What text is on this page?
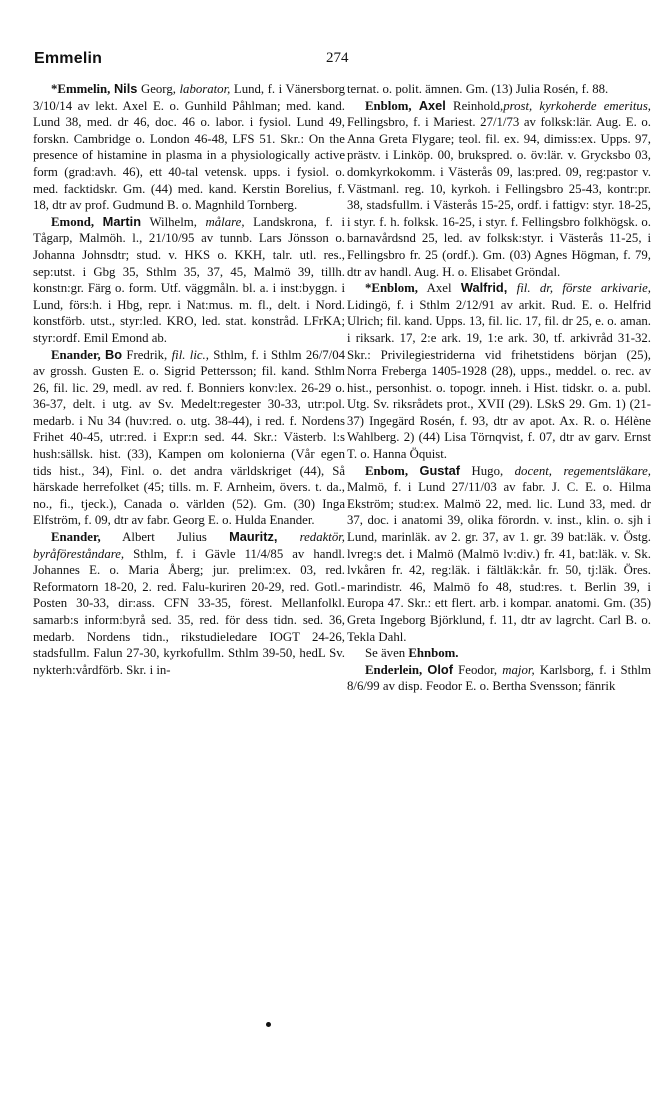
Emmelin	274

*Emmelin, Nils Georg, laborator, Lund, f. i Vänersborg 3/10/14 av lekt. Axel E. o. Gunhild Påhlman; med. kand. Lund 38, med. dr 46, doc. 46 o. labor. i fysiol. Lund 49, forskn. Cambridge o. London 46-48, LFS 51. Skr.: On the presence of histamine in plasma in a physiologically active form (grad:avh. 46), ett 40-tal vetensk. upps. i fysiol. o. med. facktidskr. Gm. (44) med. kand. Kerstin Borelius, f. 18, dtr av prof. Gudmund B. o. Magnhild Tornberg.

Emond, Martin Wilhelm, målare, Landskrona, f. i Tågarp, Malmöh. l., 21/10/95 av tunnb. Lars Jönsson o. Johanna Johnsdtr; stud. v. HKS o. KKH, talr. utl. res., sep:utst. i Gbg 35, Sthlm 35, 37, 45, Malmö 39, tillh. konstn:gr. Färg o. form. Utf. väggmåln. bl. a. i inst:byggn. i Lund, förs:h. i Hbg, repr. i Nat:mus. m. fl., delt. i Nord. konstförb. utst., styr:led. KRO, led. stat. konstråd. LFrKA; styr:ordf. Emil Emond ab.

Enander, Bo Fredrik, fil. lic., Sthlm, f. i Sthlm 26/7/04 av grossh. Gusten E. o. Sigrid Pettersson; fil. kand. Sthlm 26, fil. lic. 29, medl. av red. f. Bonniers konv:lex. 26-29 o. 36-37, delt. i utg. av Sv. Medelt:regester 30-33, utr:pol. medarb. i Nu 34 (huv:red. o. utg. 38-44), i red. f. Nordens Frihet 40-45, utr:red. i Expr:n sed. 44. Skr.: Västerb. l:s hush:sällsk. hist. (33), Kampen om kolonierna (Vår egen tids hist., 34), Finl. o. det andra världskriget (44), Så härskade herrefolket (45; tills. m. F. Arnheim, övers. t. da., no., fi., tjeck.), Canada o. världen (52). Gm. (30) Inga Elfström, f. 09, dtr av fabr. Georg E. o. Hulda Enander.

Enander, Albert Julius Mauritz, redaktör, byråföreståndare, Sthlm, f. i Gävle 11/4/85 av handl. Johannes E. o. Maria Åberg; jur. prelim:ex. 03, red. Reformatorn 18-20, 2. red. Falu-kuriren 20-29, red. Gotl.-Posten 30-33, dir:ass. CFN 33-35, förest. Mellanfolkl. samarb:s inform:byrå sed. 35, red. för dess tidn. sed. 36, medarb. Nordens tidn., rikstudieledare IOGT 24-26, stadsfullm. Falun 27-30, kyrkofullm. Sthlm 39-50, hedL Sv. nykterh:vårdförb. Skr. i in-

ternat. o. polit. ämnen. Gm. (13) Julia Rosén, f. 88.

Enblom, Axel Reinhold,prost, kyrkoherde emeritus, Fellingsbro, f. i Mariest. 27/1/73 av folksk:lär. Aug. E. o. Anna Greta Flygare; teol. fil. ex. 94, dimiss:ex. Upps. 97, prästv. i Linköp. 00, brukspred. o. öv:lär. v. Grycksbo 03, domkyrkokomm. i Västerås 09, las:pred. 09, reg:pastor v. Västmanl. reg. 10, kyrkoh. i Fellingsbro 25-43, kontr:pr. 38, stadsfullm. i Västerås 15-25, ordf. i fattigv: styr. 18-25, i styr. f. h. folksk. 16-25, i styr. f. Fellingsbro folkhögsk. o. barnavårdsnd 25, led. av folksk:styr. i Västerås 11-25, i Fellingsbro fr. 25 (ordf.). Gm. (03) Agnes Högman, f. 79, dtr av handl. Aug. H. o. Elisabet Gröndal.

*Enblom, Axel Walfrid, fil. dr, förste arkivarie, Lidingö, f. i Sthlm 2/12/91 av arkit. Rud. E. o. Helfrid Ulrich; fil. kand. Upps. 13, fil. lic. 17, fil. dr 25, e. o. aman. i riksark. 17, 2:e ark. 19, 1:e ark. 30, tf. arkivråd 31-32. Skr.: Privilegiestriderna vid frihetstidens början (25), Norra Freberga 1405-1928 (28), upps., meddel. o. rec. av hist., personhist. o. topogr. inneh. i Hist. tidskr. o. a. publ. Utg. Sv. riksrådets prot., XVII (29). LSkS 29. Gm. 1) (21-37) Ingegärd Rosén, f. 93, dtr av apot. Ax. R. o. Hélène Wahlberg. 2) (44) Lisa Törnqvist, f. 07, dtr av garv. Ernst T. o. Hanna Öquist.

Enbom, Gustaf Hugo, docent, regementsläkare, Malmö, f. i Lund 27/11/03 av fabr. J. C. E. o. Hilma Ekström; stud:ex. Malmö 22, med. lic. Lund 33, med. dr 37, doc. i anatomi 39, olika förordn. v. inst., klin. o. sjh i Lund, marinläk. av 2. gr. 37, av 1. gr. 39 bat:läk. v. Östg. lvreg:s det. i Malmö (Malmö lv:div.) fr. 41, bat:läk. v. Sk. lvkåren fr. 42, reg:läk. i fältläk:kår. fr. 50, tj:läk. Öres. marindistr. 46, Malmö fo 48, stud:res. t. Berlin 39, i Europa 47. Skr.: ett flert. arb. i kompar. anatomi. Gm. (35) Greta Ingeborg Björklund, f. 11, dtr av lagrcht. Carl B. o. Tekla Dahl.

Se även Ehnbom.

Enderlein, Olof Feodor, major, Karlsborg, f. i Sthlm 8/6/99 av disp. Feodor E. o. Bertha Svensson; fänrik
